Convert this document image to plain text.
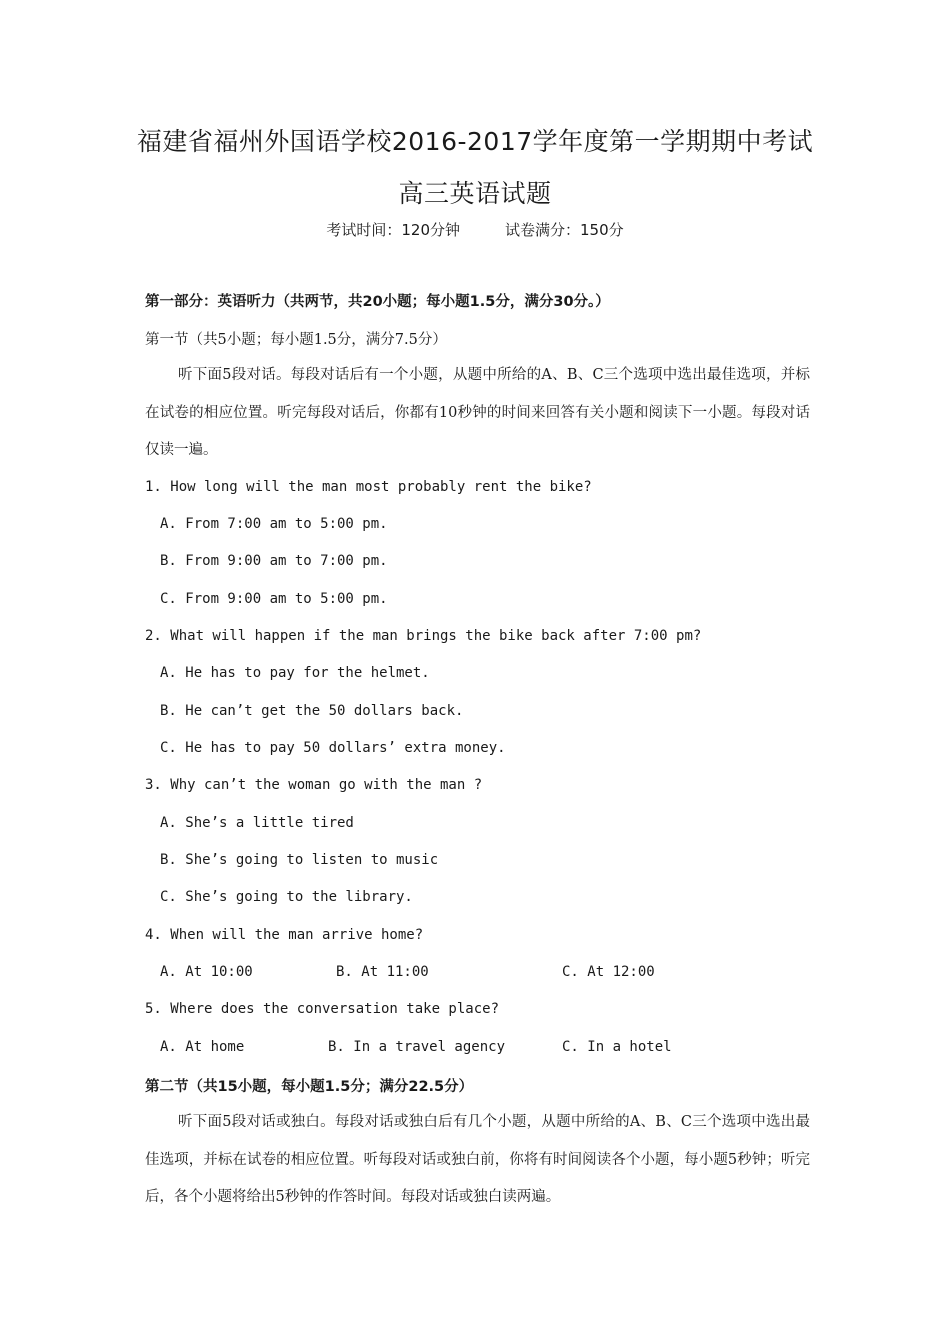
福建省福州外国语学校2016-2017学年度第一学期期中考试
高三英语试题
考试时间：120分钟	试卷满分：150分
第一部分：英语听力（共两节，共20小题；每小题1.5分，满分30分。）
第一节（共5小题；每小题1.5分，满分7.5分）
听下面5段对话。每段对话后有一个小题，从题中所给的A、B、C三个选项中选出最佳选项，并标在试卷的相应位置。听完每段对话后，你都有10秒钟的时间来回答有关小题和阅读下一小题。每段对话仅读一遍。
1. How long will the man most probably rent the bike?
A. From 7:00 am to 5:00 pm.
B. From 9:00 am to 7:00 pm.
C. From 9:00 am to 5:00 pm.
2. What will happen if the man brings the bike back after 7:00 pm?
A. He has to pay for the helmet.
B. He can’t get the 50 dollars back.
C. He has to pay 50 dollars’ extra money.
3. Why can’t the woman go with the man ?
A. She’s a little tired
B. She’s going to listen to music
C. She’s going to the library.
4. When will the man arrive home?
A. At 10:00	B. At 11:00	C. At 12:00
5. Where does the conversation take place?
A. At home	B. In a travel agency	C. In a hotel
第二节（共15小题，每小题1.5分；满分22.5分）
听下面5段对话或独白。每段对话或独白后有几个小题，从题中所给的A、B、C三个选项中选出最佳选项，并标在试卷的相应位置。听每段对话或独白前，你将有时间阅读各个小题，每小题5秒钟；听完后，各个小题将给出5秒钟的作答时间。每段对话或独白读两遍。
